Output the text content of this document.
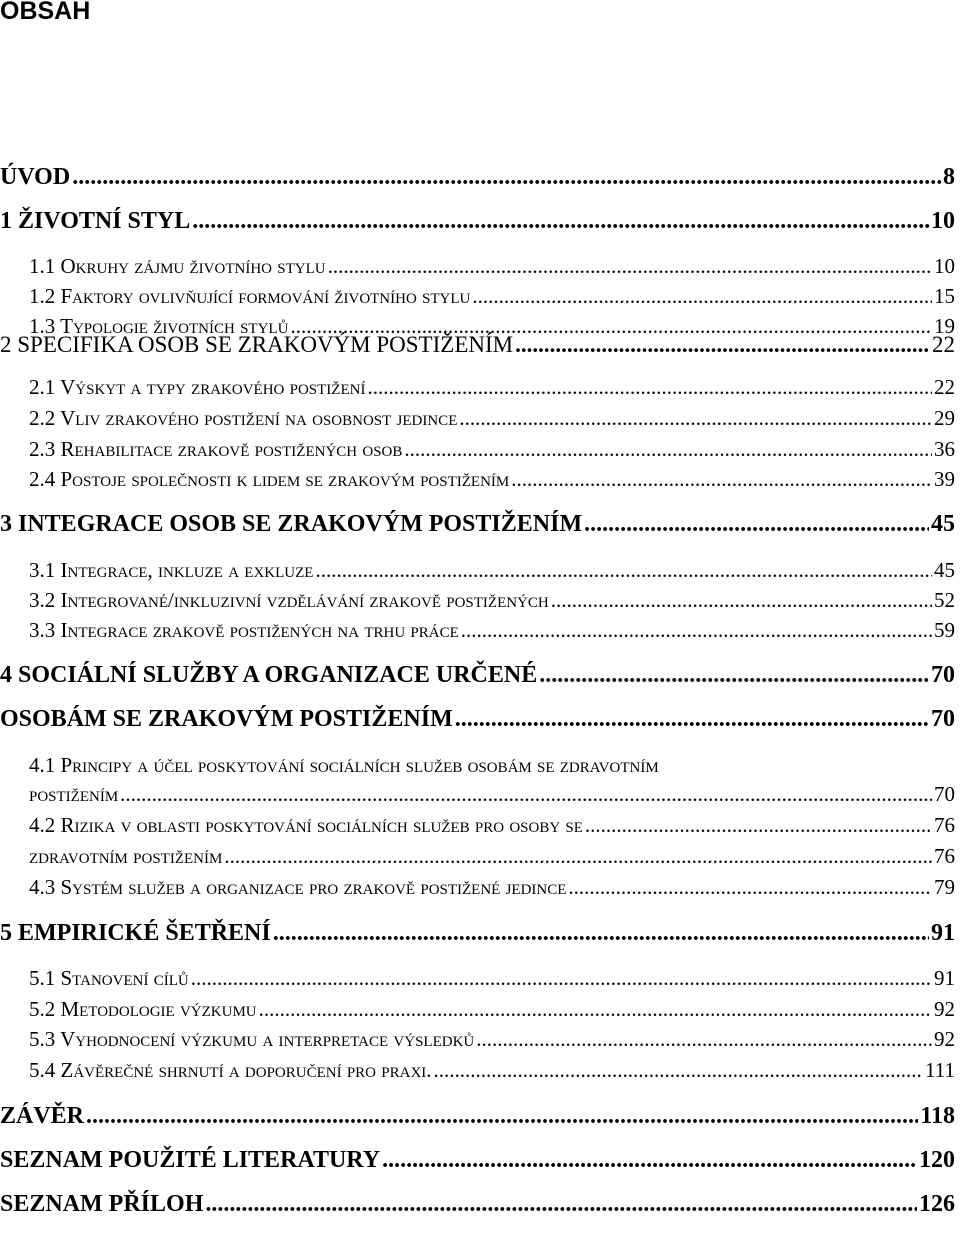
OBSAH
ÚVOD .....	8
1 ŽIVOTNÍ STYL .....	10
1.1 Okruhy zájmu životního stylu .....	10
1.2 Faktory ovlivňující formování životního stylu .....	15
1.3 Typologie životních stylů .....	19
2 SPECIFIKA OSOB SE ZRAKOVÝM POSTIŽENÍM .....	22
2.1 Výskyt a typy zrakového postižení .....	22
2.2 Vliv zrakového postižení na osobnost jedince .....	29
2.3 Rehabilitace zrakově postižených osob .....	36
2.4 Postoje společnosti k lidem se zrakovým postižením .....	39
3 INTEGRACE OSOB SE ZRAKOVÝM POSTIŽENÍM .....	45
3.1 Integrace, inkluze a exkluze .....	45
3.2 Integrované/inkluzivní vzdělávání zrakově postižených .....	52
3.3 Integrace zrakově postižených na trhu práce .....	59
4 SOCIÁLNÍ SLUŽBY A ORGANIZACE URČENÉ .....	70
OSOBÁM SE ZRAKOVÝM POSTIŽENÍM .....	70
4.1 Principy a účel poskytování sociálních služeb osobám se zdravotním
postižením .....	70
4.2 Rizika v oblasti poskytování sociálních služeb pro osoby se .....	76
zdravotním postižením .....	76
4.3 Systém služeb a organizace pro zrakově postižené jedince .....	79
5 EMPIRICKÉ ŠETŘENÍ .....	91
5.1 Stanovení cílů .....	91
5.2 Metodologie výzkumu .....	92
5.3 Vyhodnocení výzkumu a interpretace výsledků .....	92
5.4 Závěrečné shrnutí a doporučení pro praxi. .....	111
ZÁVĚR .....	118
SEZNAM POUŽITÉ LITERATURY .....	120
SEZNAM PŘÍLOH .....	126
